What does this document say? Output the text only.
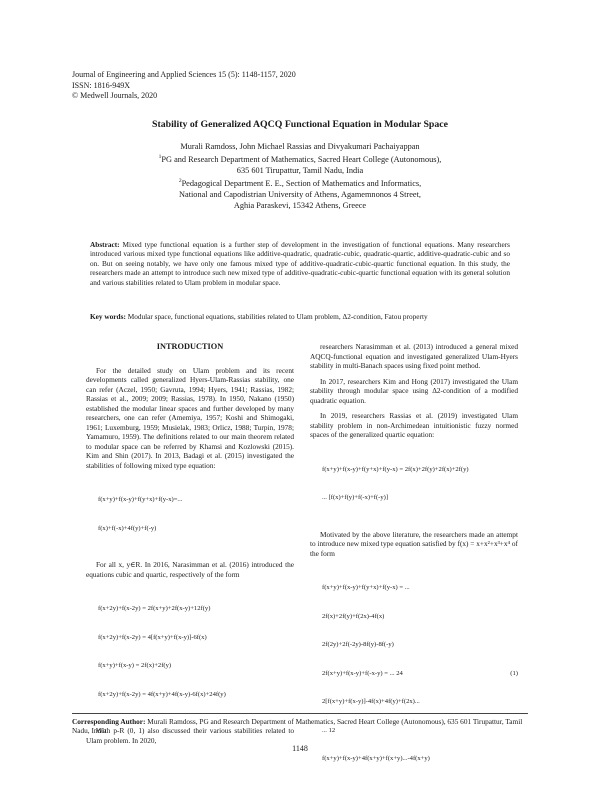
Journal of Engineering and Applied Sciences 15 (5): 1148-1157, 2020
ISSN: 1816-949X
© Medwell Journals, 2020
Stability of Generalized AQCQ Functional Equation in Modular Space
Murali Ramdoss, John Michael Rassias and Divyakumari Pachaiyappan
$^1$PG and Research Department of Mathematics, Sacred Heart College (Autonomous),
635 601 Tirupattur, Tamil Nadu, India
$^2$Pedagogical Department E. E., Section of Mathematics and Informatics,
National and Capodistrian University of Athens, Agamemnonos 4 Street,
Aghia Paraskevi, 15342 Athens, Greece
Abstract: Mixed type functional equation is a further step of development in the investigation of functional equations. Many researchers introduced various mixed type functional equations like additive-quadratic, quadratic-cubic, quadratic-quartic, additive-quadratic-cubic and so on. But on seeing notably, we have only one famous mixed type of additive-quadratic-cubic-quartic functional equation. In this study, the researchers made an attempt to introduce such new mixed type of additive-quadratic-cubic-quartic functional equation with its general solution and various stabilities related to Ulam problem in modular space.
Key words: Modular space, functional equations, stabilities related to Ulam problem, Δ2-condition, Fatou property
INTRODUCTION

For the detailed study on Ulam problem and its recent developments called generalized Hyers-Ulam-Rassias stability, one can refer (Aczel, 1950; Gavruta, 1994; Hyers, 1941; Rassias, 1982; Rassias et al., 2009; 2009; Rassias, 1978). In 1950, Nakano (1950) established the modular linear spaces and further developed by many researchers, one can refer (Amemiya, 1957; Koshi and Shimogaki, 1961; Luxemburg, 1959; Musielak, 1983; Orlicz, 1988; Turpin, 1978; Yamamuro, 1959). The definitions related to our main theorem related to modular space can be referred by Khamsi and Kozlowski (2015). Kim and Shin (2017). In 2013, Badagi et al. (2015) investigated the stabilities of following mixed type equation:

f(x+y)+f(x-y)+f(y+x)+f(y-x)=...

f(x)+f(-x)+4f(y)+f(-y)

For all x, y∈R. In 2016, Narasimman et al. (2016) introduced the equations cubic and quartic, respectively of the form

f(x+2y)+f(x-2y) = 2f(x+y)+2f(x-y)+12f(y)

f(x+2y)+f(x-2y) = 4[f(x+y)+f(x-y)]-6f(x)

f(x+y)+f(x-y) = 2f(x)+2f(y)

f(x+2y)+f(x-2y) = 4f(x+y)+4f(x-y)-6f(x)+24f(y)

With p-R (0, 1) also discussed their various stabilities related to Ulam problem. In 2020,

researchers Narasimman et al. (2013) introduced a general mixed AQCQ-functional equation and investigated generalized Ulam-Hyers stability in multi-Banach spaces using fixed point method.

In 2017, researchers Kim and Hong (2017) investigated the Ulam stability through modular space using Δ2-condition of a modified quadratic equation.

In 2019, researchers Rassias et al. (2019) investigated Ulam stability problem in non-Archimedean intuitionistic fuzzy normed spaces of the generalized quartic equation:

f(x+y)+f(x-y)+f(y+x)+f(y-x) = 2f(x)+2f(y)+2f(x)+2f(y)

... [f(x)+f(y)+f(-x)+f(-y)]

Motivated by the above literature, the researchers made an attempt to introduce new mixed type equation satisfied by f(x) = x+x²+x³+x⁴ of the form

f(x+y)+f(x-y)+f(y+x)+f(y-x) = ...

2f(x)+2f(y)+f(2x)-4f(x)

2f(2y)+2f(-2y)-8f(y)-8f(-y)

2f(x+y)+f(x-y)+f(-x-y) = ... 24	(1)

2[f(x+y)+f(x-y)]-4f(x)+4f(y)+f(2x)...

... 12

f(x+y)+f(x-y)+4f(x+y)+f(x+y)...-4f(x+y)

Corresponding Author: Murali Ramdoss, PG and Research Department of Mathematics, Sacred Heart College (Autonomous), 635 601 Tirupattur, Tamil Nadu, India
1148
